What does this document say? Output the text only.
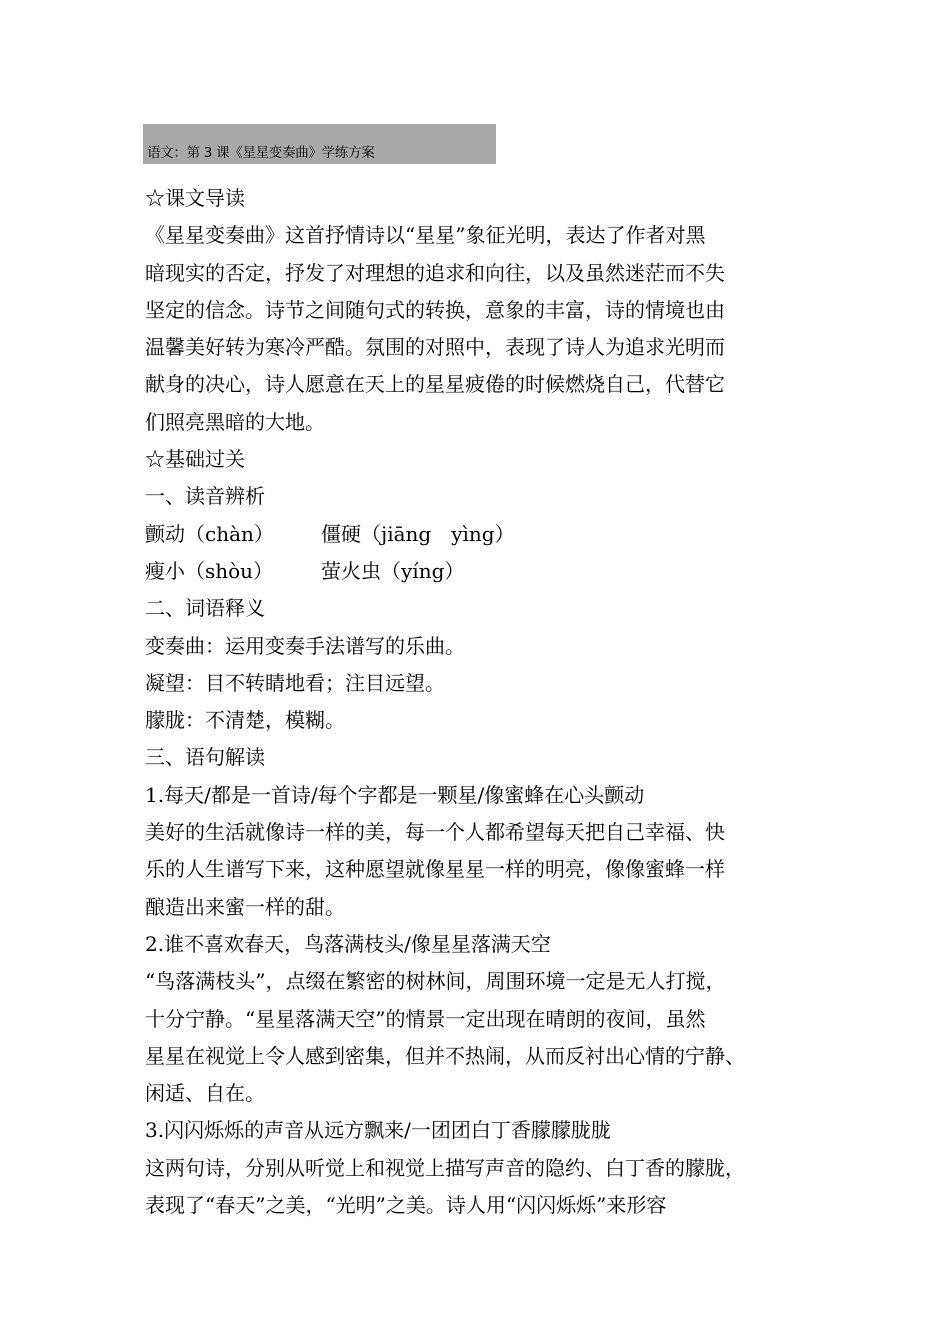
语文：第 3 课《星星变奏曲》学练方案
☆课文导读
《星星变奏曲》这首抒情诗以“星星”象征光明，表达了作者对黑
暗现实的否定，抒发了对理想的追求和向往，以及虽然迷茫而不失
坚定的信念。诗节之间随句式的转换，意象的丰富，诗的情境也由
温馨美好转为寒冷严酷。氛围的对照中，表现了诗人为追求光明而
献身的决心，诗人愿意在天上的星星疲倦的时候燃烧自己，代替它
们照亮黑暗的大地。
☆基础过关
一、读音辨析
颤动（chàn） 僵硬（jiāng　yìng）
瘦小（shòu） 萤火虫（yíng）
二、词语释义
变奏曲：运用变奏手法谱写的乐曲。
凝望：目不转睛地看；注目远望。
朦胧：不清楚，模糊。
三、语句解读
1.每天/都是一首诗/每个字都是一颗星/像蜜蜂在心头颤动
美好的生活就像诗一样的美，每一个人都希望每天把自己幸福、快
乐的人生谱写下来，这种愿望就像星星一样的明亮，像像蜜蜂一样
酿造出来蜜一样的甜。
2.谁不喜欢春天，鸟落满枝头/像星星落满天空
“鸟落满枝头”，点缀在繁密的树林间，周围环境一定是无人打搅，
十分宁静。“星星落满天空”的情景一定出现在晴朗的夜间，虽然
星星在视觉上令人感到密集，但并不热闹，从而反衬出心情的宁静、
闲适、自在。
3.闪闪烁烁的声音从远方飘来/一团团白丁香朦朦胧胧
这两句诗，分别从听觉上和视觉上描写声音的隐约、白丁香的朦胧，
表现了“春天”之美，“光明”之美。诗人用“闪闪烁烁”来形容
